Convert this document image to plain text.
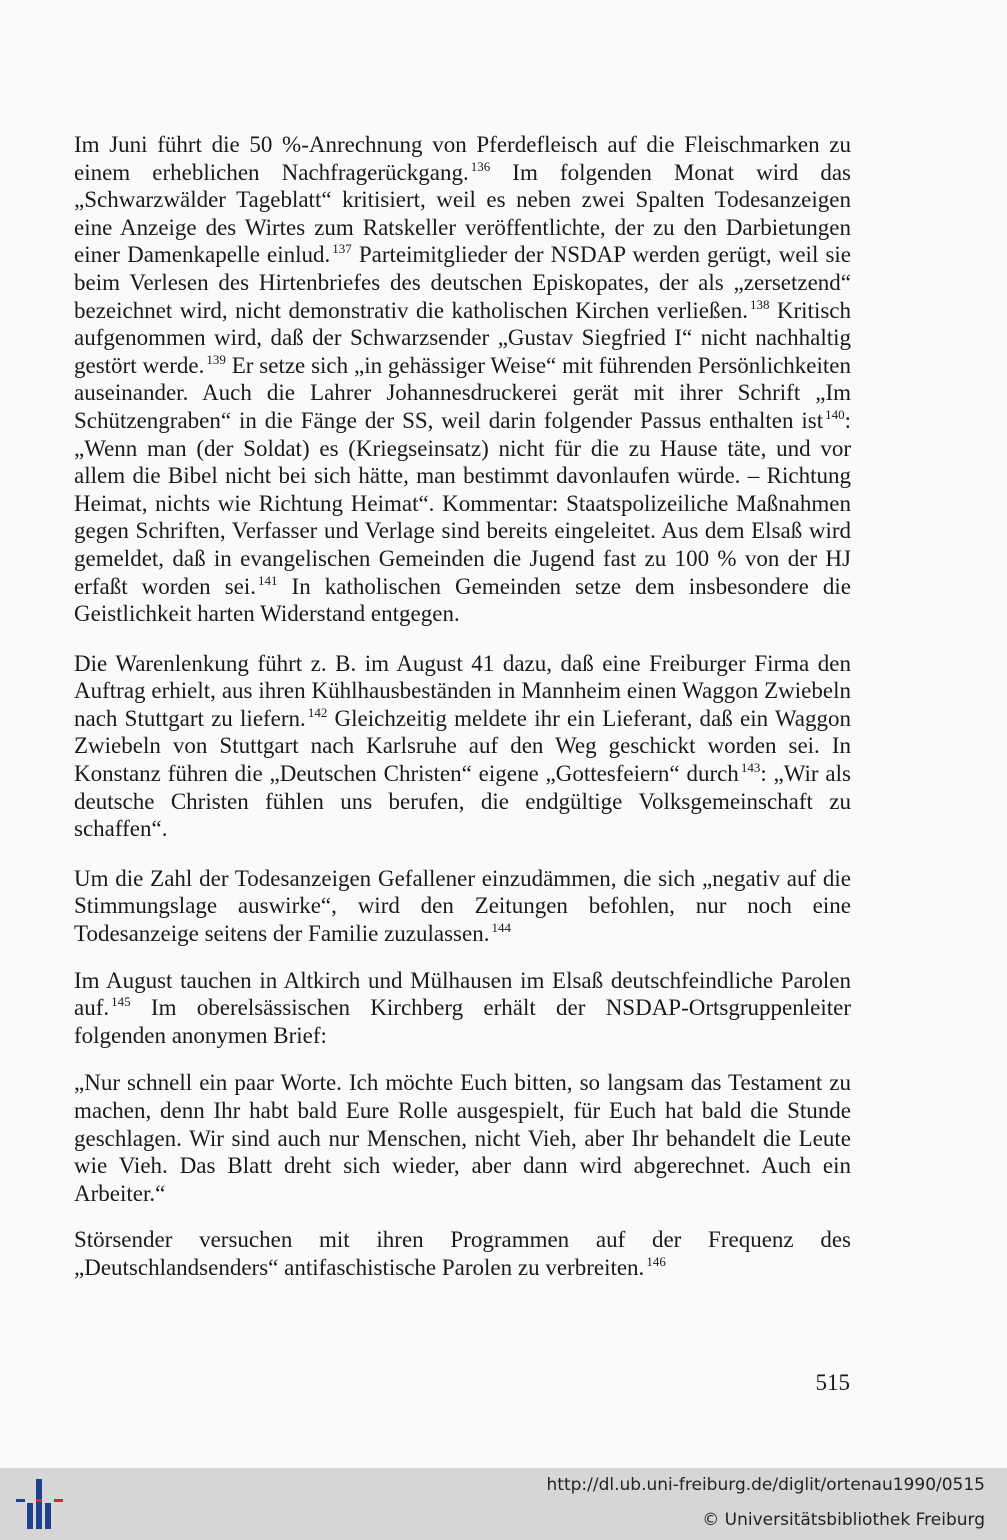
Im Juni führt die 50 %-Anrechnung von Pferdefleisch auf die Fleischmarken zu einem erheblichen Nachfragerückgang. $^{136}$ Im folgenden Monat wird das „Schwarzwälder Tageblatt“ kritisiert, weil es neben zwei Spalten Todesanzeigen eine Anzeige des Wirtes zum Ratskeller veröffentlichte, der zu den Darbietungen einer Damenkapelle einlud. $^{137}$ Parteimitglieder der NSDAP werden gerügt, weil sie beim Verlesen des Hirtenbriefes des deutschen Episkopates, der als „zersetzend“ bezeichnet wird, nicht demonstrativ die katholischen Kirchen verließen. $^{138}$ Kritisch aufgenommen wird, daß der Schwarzsender „Gustav Siegfried I“ nicht nachhaltig gestört werde. $^{139}$ Er setze sich „in gehässiger Weise“ mit führenden Persönlichkeiten auseinander. Auch die Lahrer Johannesdruckerei gerät mit ihrer Schrift „Im Schützengraben“ in die Fänge der SS, weil darin folgender Passus enthalten ist $^{140}$: „Wenn man (der Soldat) es (Kriegseinsatz) nicht für die zu Hause täte, und vor allem die Bibel nicht bei sich hätte, man bestimmt davonlaufen würde. – Richtung Heimat, nichts wie Richtung Heimat“. Kommentar: Staatspolizeiliche Maßnahmen gegen Schriften, Verfasser und Verlage sind bereits eingeleitet. Aus dem Elsaß wird gemeldet, daß in evangelischen Gemeinden die Jugend fast zu 100 % von der HJ erfaßt worden sei. $^{141}$ In katholischen Gemeinden setze dem insbesondere die Geistlichkeit harten Widerstand entgegen.

Die Warenlenkung führt z. B. im August 41 dazu, daß eine Freiburger Firma den Auftrag erhielt, aus ihren Kühlhausbeständen in Mannheim einen Waggon Zwiebeln nach Stuttgart zu liefern. $^{142}$ Gleichzeitig meldete ihr ein Lieferant, daß ein Waggon Zwiebeln von Stuttgart nach Karlsruhe auf den Weg geschickt worden sei. In Konstanz führen die „Deutschen Christen“ eigene „Gottesfeiern“ durch $^{143}$: „Wir als deutsche Christen fühlen uns berufen, die endgültige Volksgemeinschaft zu schaffen“.

Um die Zahl der Todesanzeigen Gefallener einzudämmen, die sich „negativ auf die Stimmungslage auswirke“, wird den Zeitungen befohlen, nur noch eine Todesanzeige seitens der Familie zuzulassen. $^{144}$

Im August tauchen in Altkirch und Mülhausen im Elsaß deutschfeindliche Parolen auf. $^{145}$ Im oberelsässischen Kirchberg erhält der NSDAP-Ortsgruppenleiter folgenden anonymen Brief:

„Nur schnell ein paar Worte. Ich möchte Euch bitten, so langsam das Testament zu machen, denn Ihr habt bald Eure Rolle ausgespielt, für Euch hat bald die Stunde geschlagen. Wir sind auch nur Menschen, nicht Vieh, aber Ihr behandelt die Leute wie Vieh. Das Blatt dreht sich wieder, aber dann wird abgerechnet. Auch ein Arbeiter.“

Störsender versuchen mit ihren Programmen auf der Frequenz des „Deutschlandsenders“ antifaschistische Parolen zu verbreiten. $^{146}$

515
http://dl.ub.uni-freiburg.de/diglit/ortenau1990/0515
© Universitätsbibliothek Freiburg
